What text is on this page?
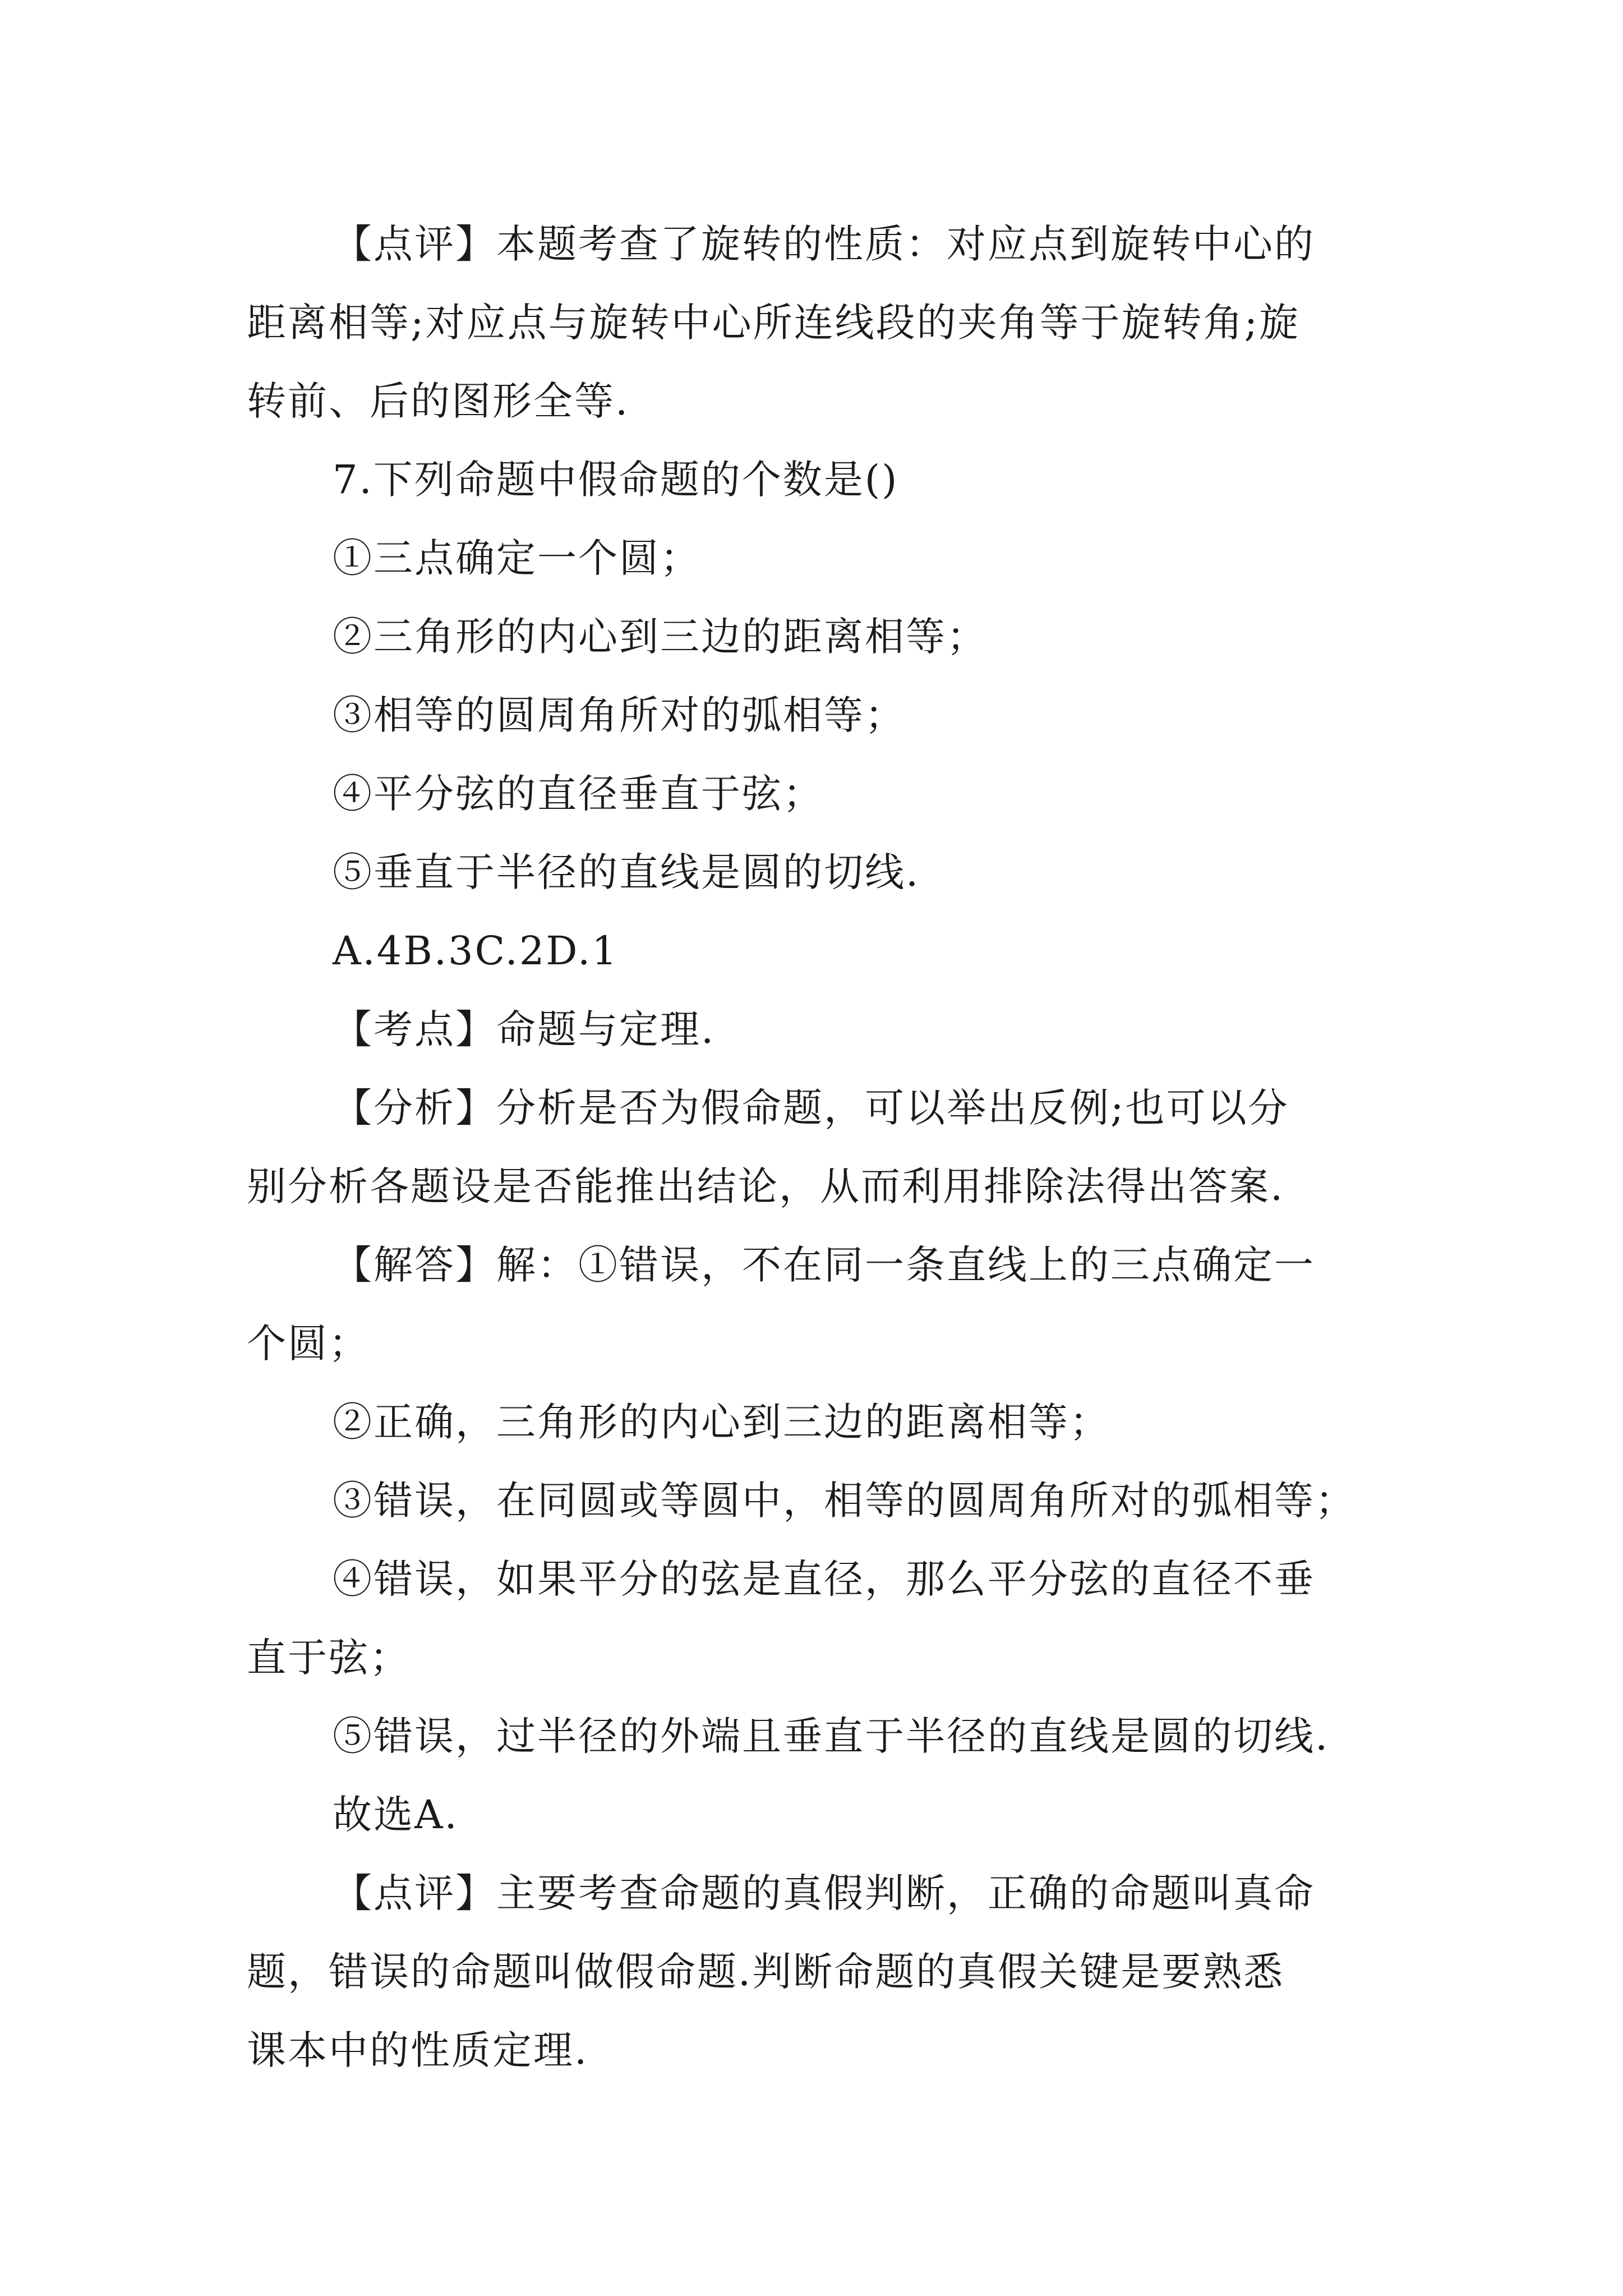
【点评】本题考查了旋转的性质：对应点到旋转中心的
距离相等;对应点与旋转中心所连线段的夹角等于旋转角;旋
转前、后的图形全等.
7.下列命题中假命题的个数是()
①三点确定一个圆；
②三角形的内心到三边的距离相等；
③相等的圆周角所对的弧相等；
④平分弦的直径垂直于弦；
⑤垂直于半径的直线是圆的切线.
A.4B.3C.2D.1
【考点】命题与定理.
【分析】分析是否为假命题，可以举出反例;也可以分
别分析各题设是否能推出结论，从而利用排除法得出答案.
【解答】解：①错误，不在同一条直线上的三点确定一
个圆；
②正确，三角形的内心到三边的距离相等；
③错误，在同圆或等圆中，相等的圆周角所对的弧相等；
④错误，如果平分的弦是直径，那么平分弦的直径不垂
直于弦；
⑤错误，过半径的外端且垂直于半径的直线是圆的切线.
故选A.
【点评】主要考查命题的真假判断，正确的命题叫真命
题，错误的命题叫做假命题.判断命题的真假关键是要熟悉
课本中的性质定理.
